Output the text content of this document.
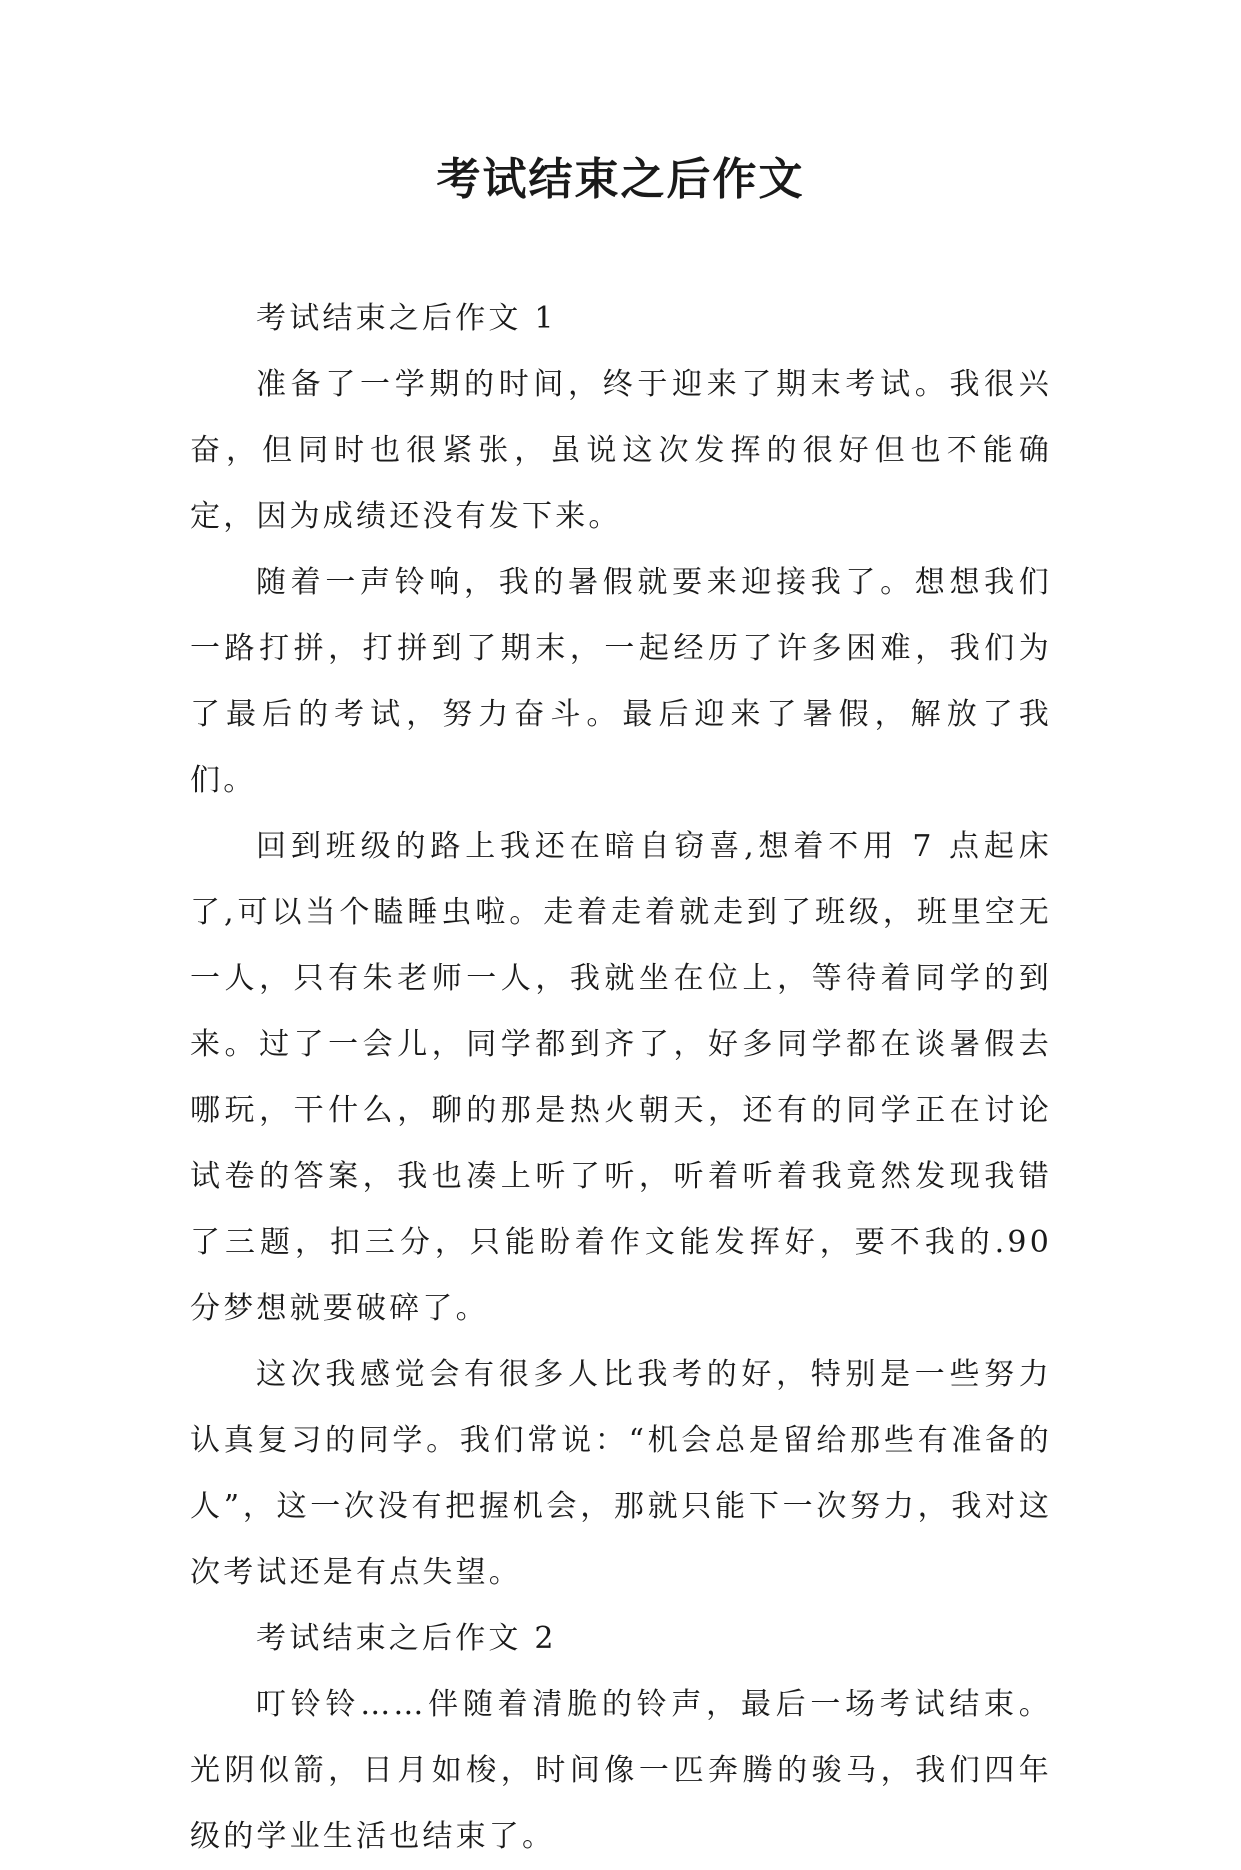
考试结束之后作文

考试结束之后作文 1

准备了一学期的时间，终于迎来了期末考试。我很兴奋，但同时也很紧张，虽说这次发挥的很好但也不能确定，因为成绩还没有发下来。

随着一声铃响，我的暑假就要来迎接我了。想想我们一路打拼，打拼到了期末，一起经历了许多困难，我们为了最后的考试，努力奋斗。最后迎来了暑假，解放了我们。

回到班级的路上我还在暗自窃喜,想着不用 7 点起床了,可以当个瞌睡虫啦。走着走着就走到了班级，班里空无一人，只有朱老师一人，我就坐在位上，等待着同学的到来。过了一会儿，同学都到齐了，好多同学都在谈暑假去哪玩，干什么，聊的那是热火朝天，还有的同学正在讨论试卷的答案，我也凑上听了听，听着听着我竟然发现我错了三题，扣三分，只能盼着作文能发挥好，要不我的.90 分梦想就要破碎了。

这次我感觉会有很多人比我考的好，特别是一些努力认真复习的同学。我们常说：“机会总是留给那些有准备的人”，这一次没有把握机会，那就只能下一次努力，我对这次考试还是有点失望。

考试结束之后作文 2

叮铃铃……伴随着清脆的铃声，最后一场考试结束。光阴似箭，日月如梭，时间像一匹奔腾的骏马，我们四年级的学业生活也结束了。
